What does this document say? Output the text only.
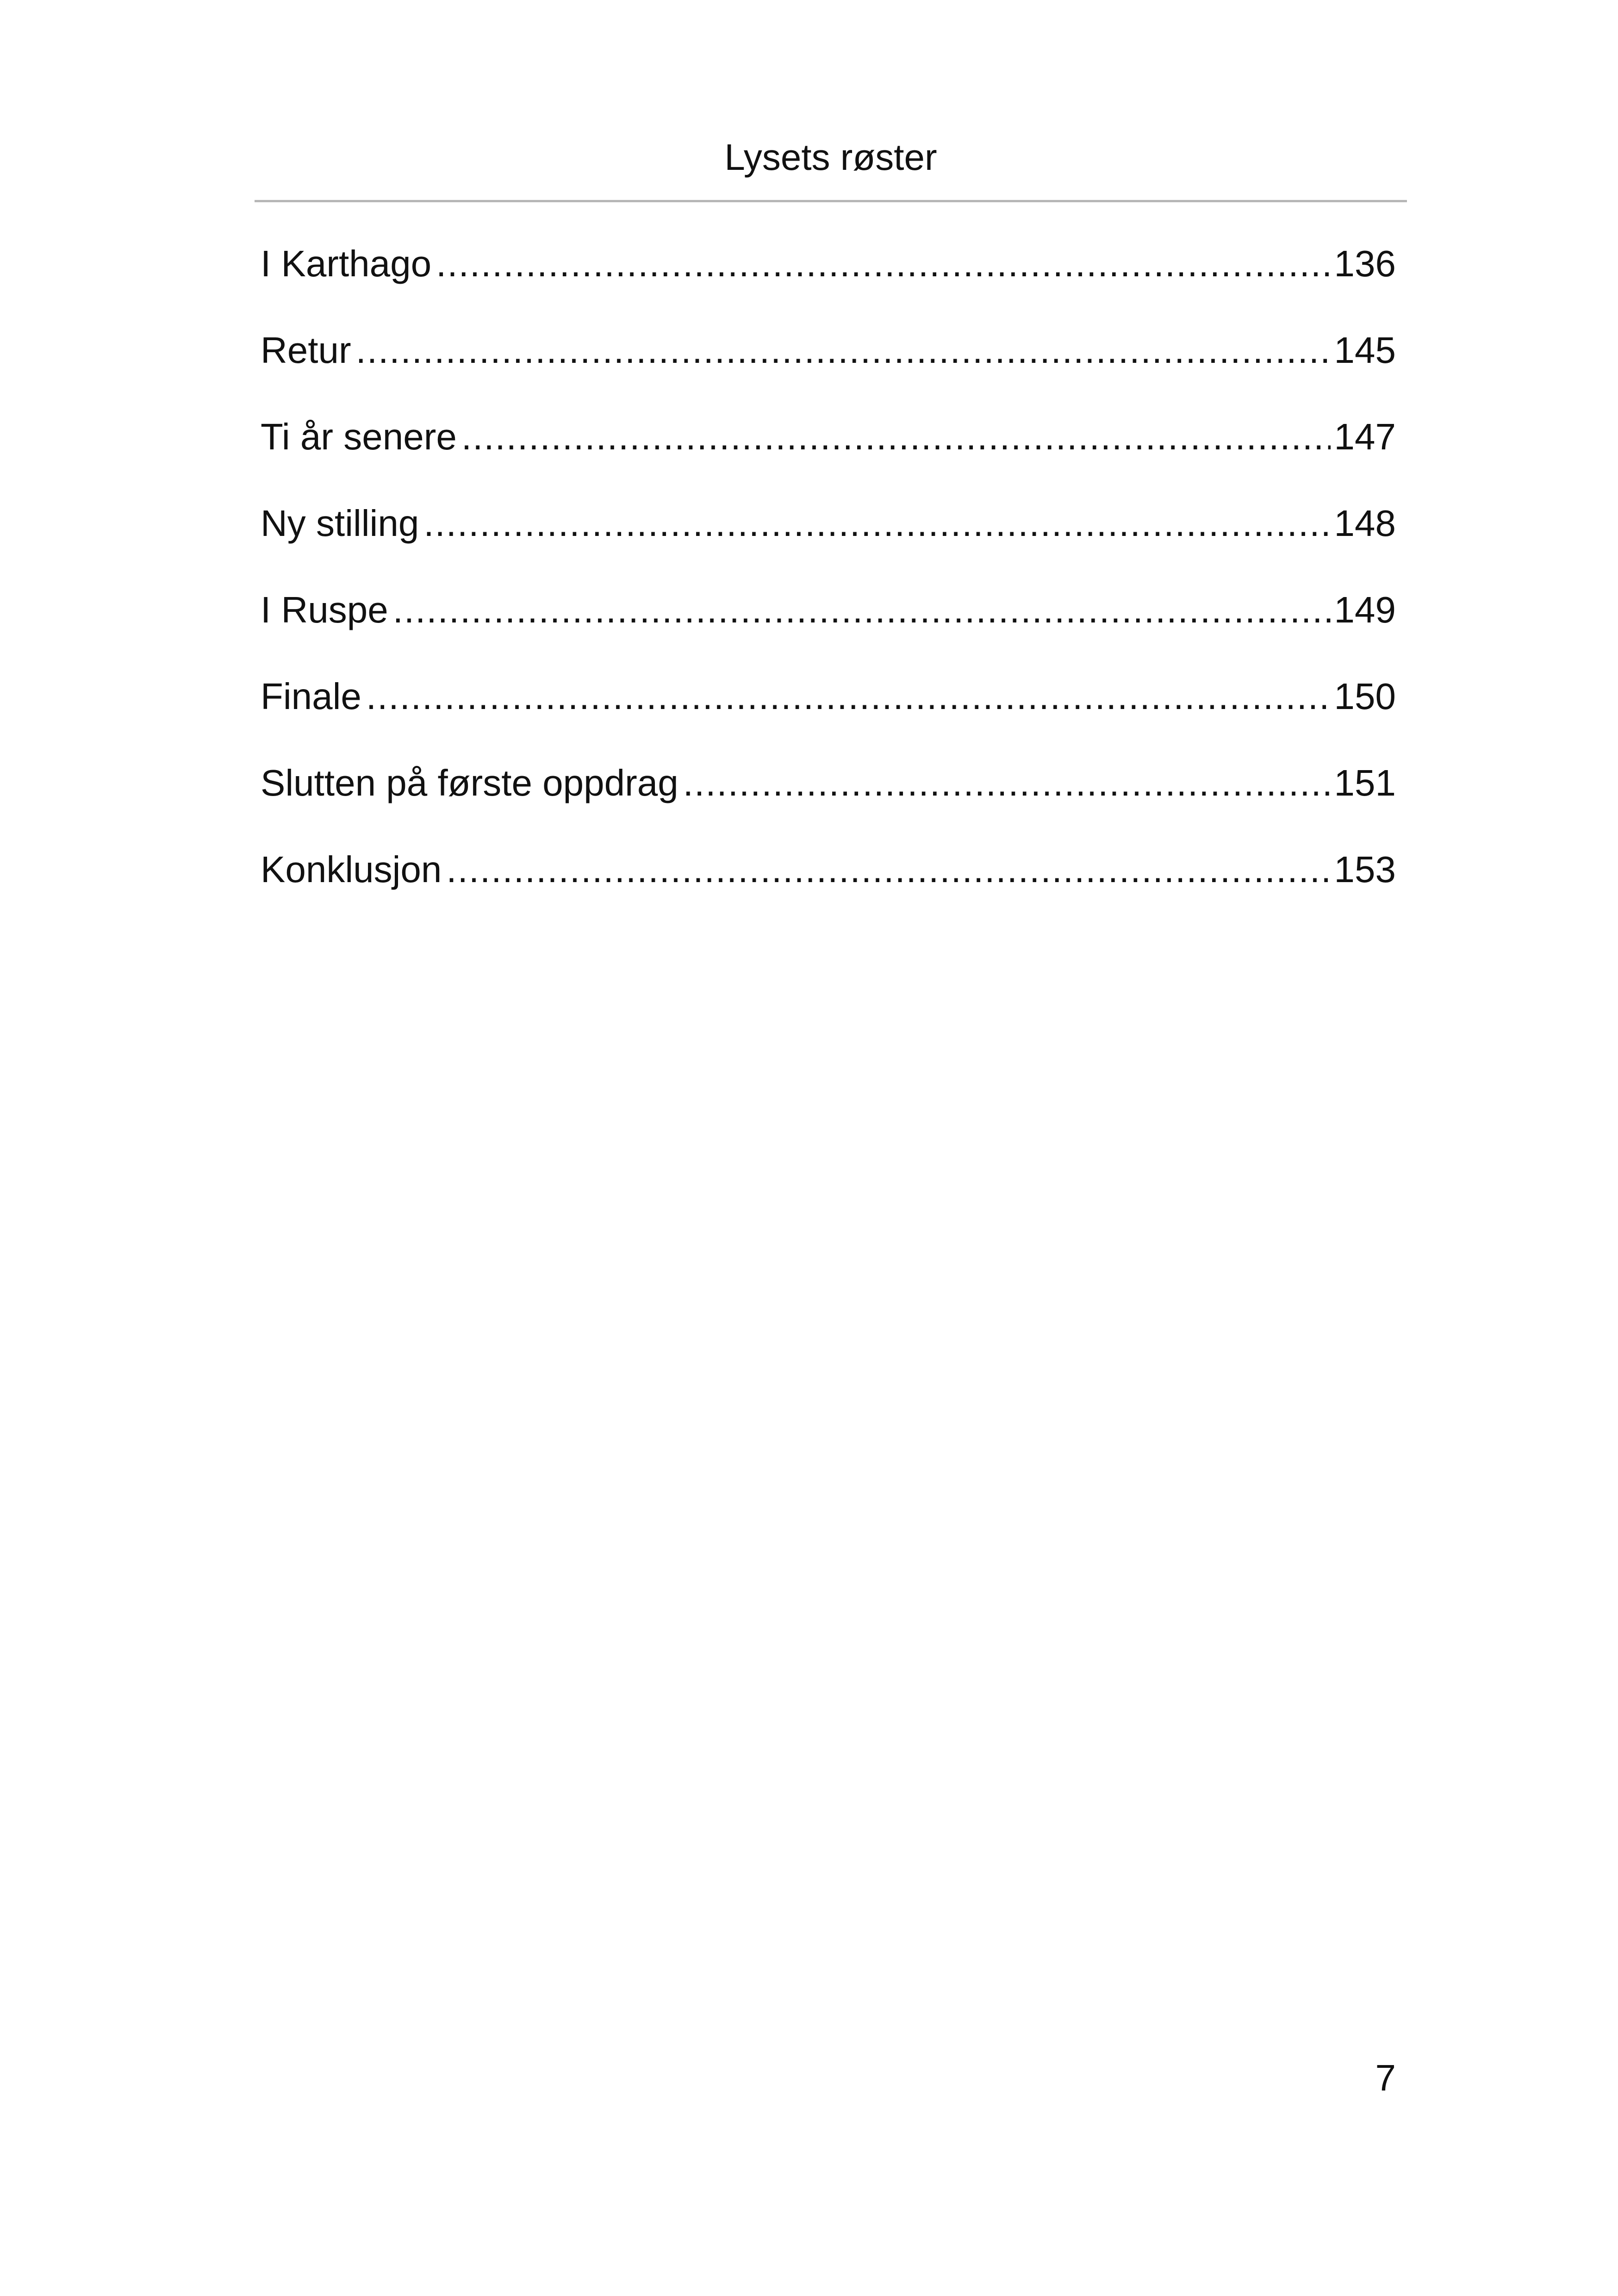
Lysets røster
I Karthago .....	136
Retur .....	145
Ti år senere .....	147
Ny stilling .....	148
I Ruspe .....	149
Finale .....	150
Slutten på første oppdrag .....	151
Konklusjon .....	153
7
